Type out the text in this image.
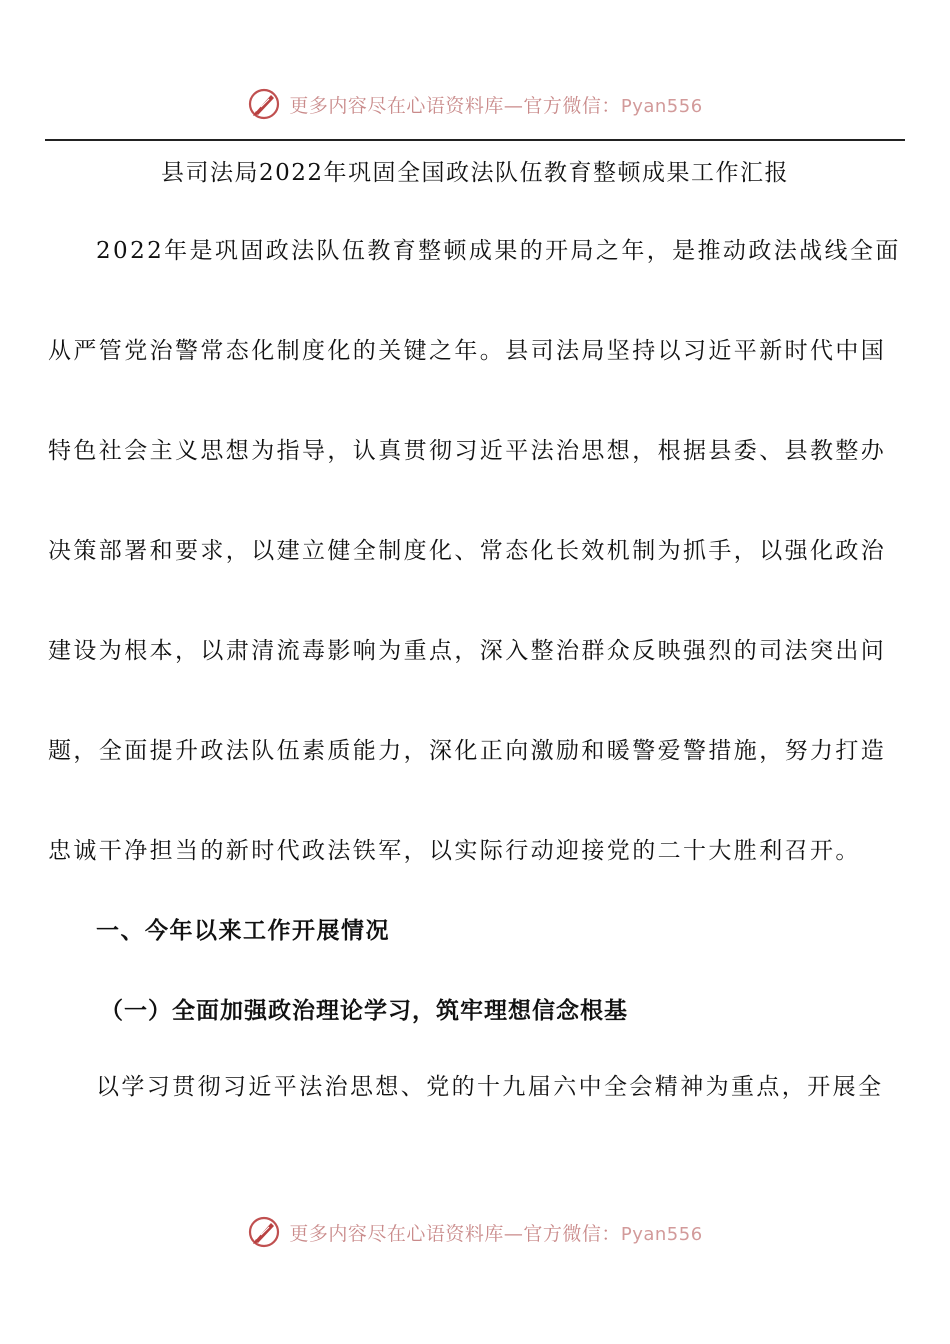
更多内容尽在心语资料库—官方微信：Pyan556
县司法局2022年巩固全国政法队伍教育整顿成果工作汇报
2022年是巩固政法队伍教育整顿成果的开局之年，是推动政法战线全面
从严管党治警常态化制度化的关键之年。县司法局坚持以习近平新时代中国
特色社会主义思想为指导，认真贯彻习近平法治思想，根据县委、县教整办
决策部署和要求，以建立健全制度化、常态化长效机制为抓手，以强化政治
建设为根本，以肃清流毒影响为重点，深入整治群众反映强烈的司法突出问
题，全面提升政法队伍素质能力，深化正向激励和暖警爱警措施，努力打造
忠诚干净担当的新时代政法铁军，以实际行动迎接党的二十大胜利召开。
一、今年以来工作开展情况
（一）全面加强政治理论学习，筑牢理想信念根基
以学习贯彻习近平法治思想、党的十九届六中全会精神为重点，开展全
更多内容尽在心语资料库—官方微信：Pyan556
